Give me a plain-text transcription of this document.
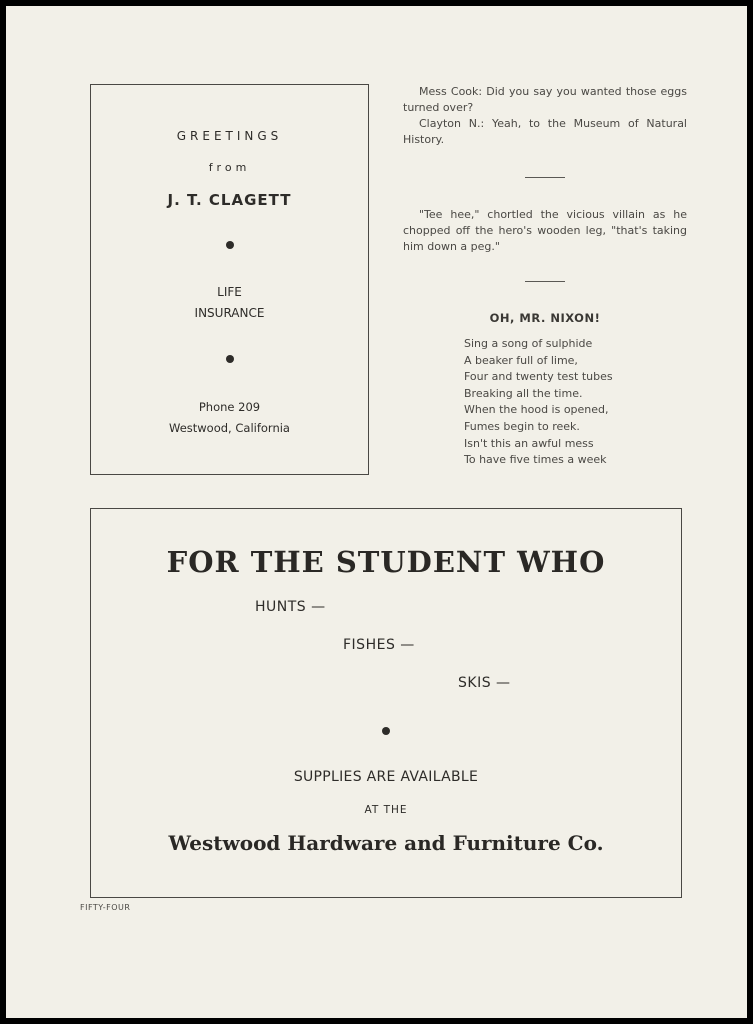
GREETINGS
from
J. T. CLAGETT
LIFE
INSURANCE
Phone 209
Westwood, California

Mess Cook: Did you say you wanted those eggs turned over?

Clayton N.: Yeah, to the Museum of Natural History.

"Tee hee," chortled the vicious villain as he chopped off the hero's wooden leg, "that's taking him down a peg."

OH, MR. NIXON!
Sing a song of sulphide
A beaker full of lime,
Four and twenty test tubes
Breaking all the time.
When the hood is opened,
Fumes begin to reek.
Isn't this an awful mess
To have five times a week
FOR THE STUDENT WHO
HUNTS —
FISHES —
SKIS —
SUPPLIES ARE AVAILABLE
AT THE
Westwood Hardware and Furniture Co.
FIFTY-FOUR
